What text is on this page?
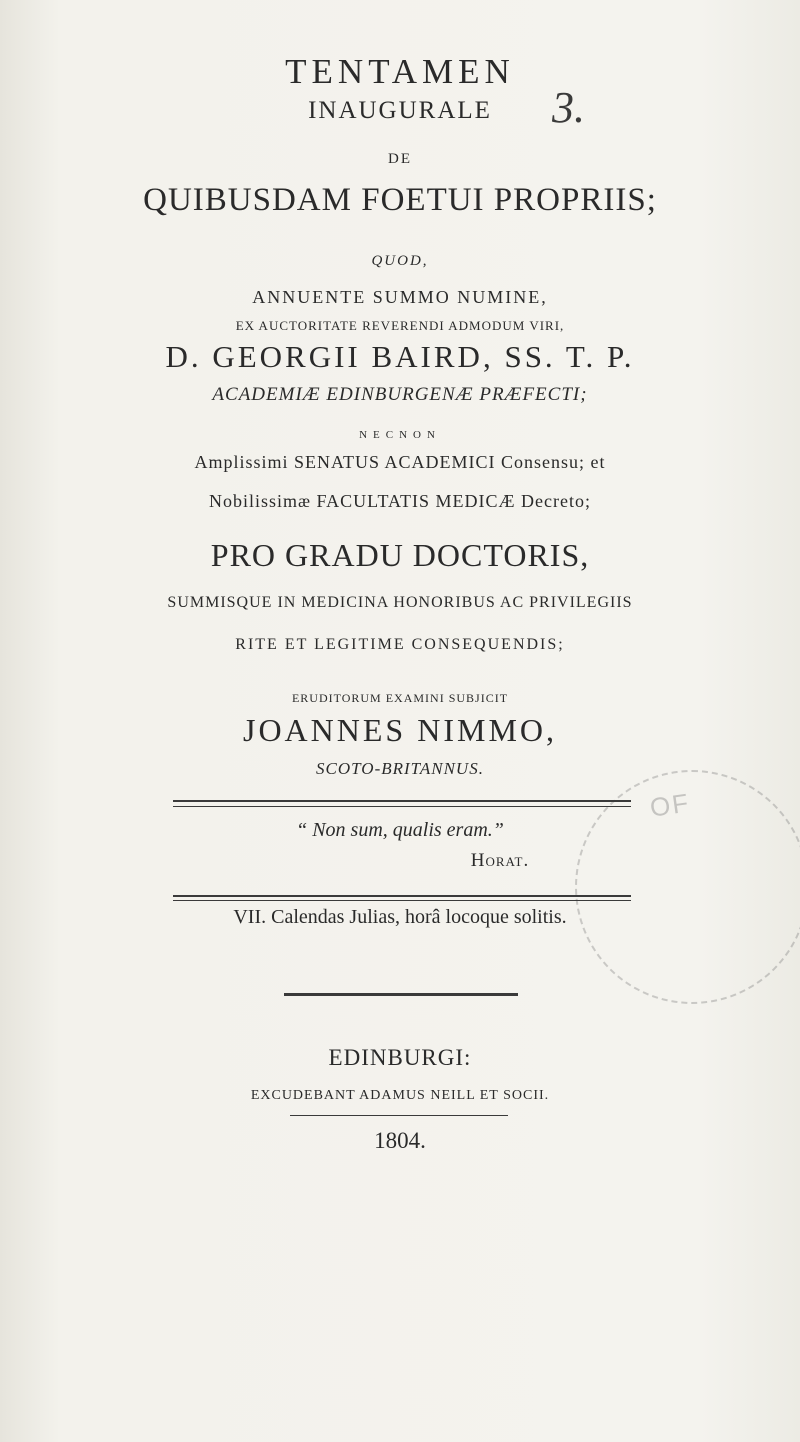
OF
TENTAMEN
INAUGURALE	3.
DE
QUIBUSDAM FOETUI PROPRIIS;
QUOD,
ANNUENTE SUMMO NUMINE,
EX AUCTORITATE REVERENDI ADMODUM VIRI,
D. GEORGII BAIRD, SS. T. P.
ACADEMIÆ EDINBURGENÆ PRÆFECTI;
NECNON
Amplissimi SENATUS ACADEMICI Consensu; et
Nobilissimæ FACULTATIS MEDICÆ Decreto;
PRO GRADU DOCTORIS,
SUMMISQUE IN MEDICINA HONORIBUS AC PRIVILEGIIS
RITE ET LEGITIME CONSEQUENDIS;
ERUDITORUM EXAMINI SUBJICIT
JOANNES NIMMO,
SCOTO-BRITANNUS.
“ Non sum, qualis eram.”
Horat.
VII. Calendas Julias, horâ locoque solitis.
EDINBURGI:
EXCUDEBANT ADAMUS NEILL ET SOCII.
1804.
